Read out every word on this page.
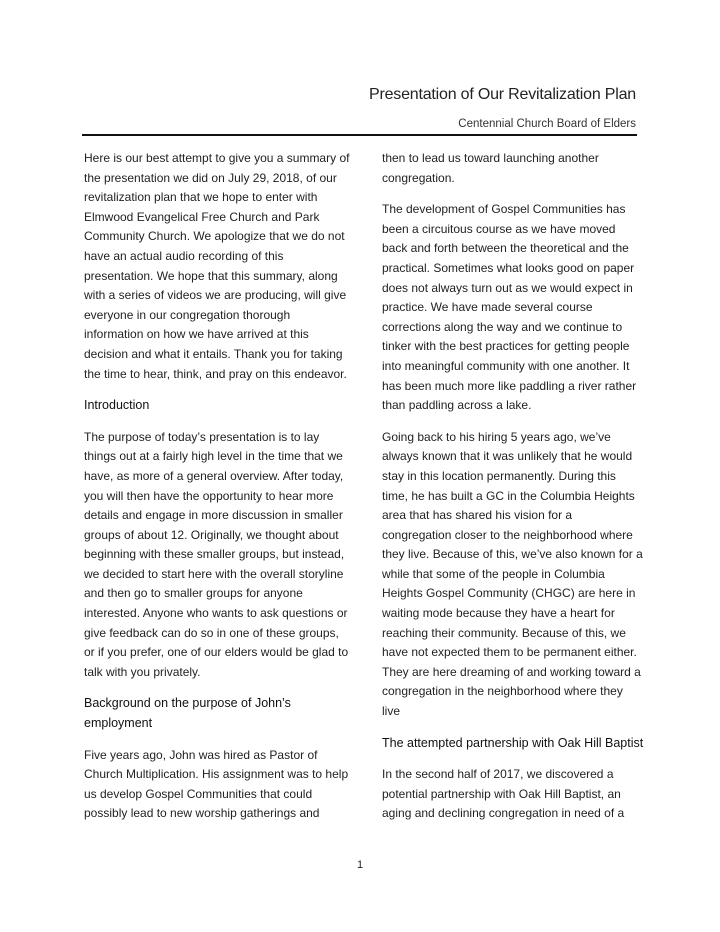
Presentation of Our Revitalization Plan
Centennial Church Board of Elders

Here is our best attempt to give you a summary of the presentation we did on July 29, 2018, of our revitalization plan that we hope to enter with Elmwood Evangelical Free Church and Park Community Church. We apologize that we do not have an actual audio recording of this presentation. We hope that this summary, along with a series of videos we are producing, will give everyone in our congregation thorough information on how we have arrived at this decision and what it entails. Thank you for taking the time to hear, think, and pray on this endeavor.

Introduction

The purpose of today’s presentation is to lay things out at a fairly high level in the time that we have, as more of a general overview. After today, you will then have the opportunity to hear more details and engage in more discussion in smaller groups of about 12. Originally, we thought about beginning with these smaller groups, but instead, we decided to start here with the overall storyline and then go to smaller groups for anyone interested. Anyone who wants to ask questions or give feedback can do so in one of these groups, or if you prefer, one of our elders would be glad to talk with you privately.

Background on the purpose of John’s employment

Five years ago, John was hired as Pastor of Church Multiplication. His assignment was to help us develop Gospel Communities that could possibly lead to new worship gatherings and

then to lead us toward launching another congregation.

The development of Gospel Communities has been a circuitous course as we have moved back and forth between the theoretical and the practical. Sometimes what looks good on paper does not always turn out as we would expect in practice. We have made several course corrections along the way and we continue to tinker with the best practices for getting people into meaningful community with one another. It has been much more like paddling a river rather than paddling across a lake.

Going back to his hiring 5 years ago, we’ve always known that it was unlikely that he would stay in this location permanently. During this time, he has built a GC in the Columbia Heights area that has shared his vision for a congregation closer to the neighborhood where they live. Because of this, we’ve also known for a while that some of the people in Columbia Heights Gospel Community (CHGC) are here in waiting mode because they have a heart for reaching their community. Because of this, we have not expected them to be permanent either. They are here dreaming of and working toward a congregation in the neighborhood where they live

The attempted partnership with Oak Hill Baptist

In the second half of 2017, we discovered a potential partnership with Oak Hill Baptist, an aging and declining congregation in need of a

1
